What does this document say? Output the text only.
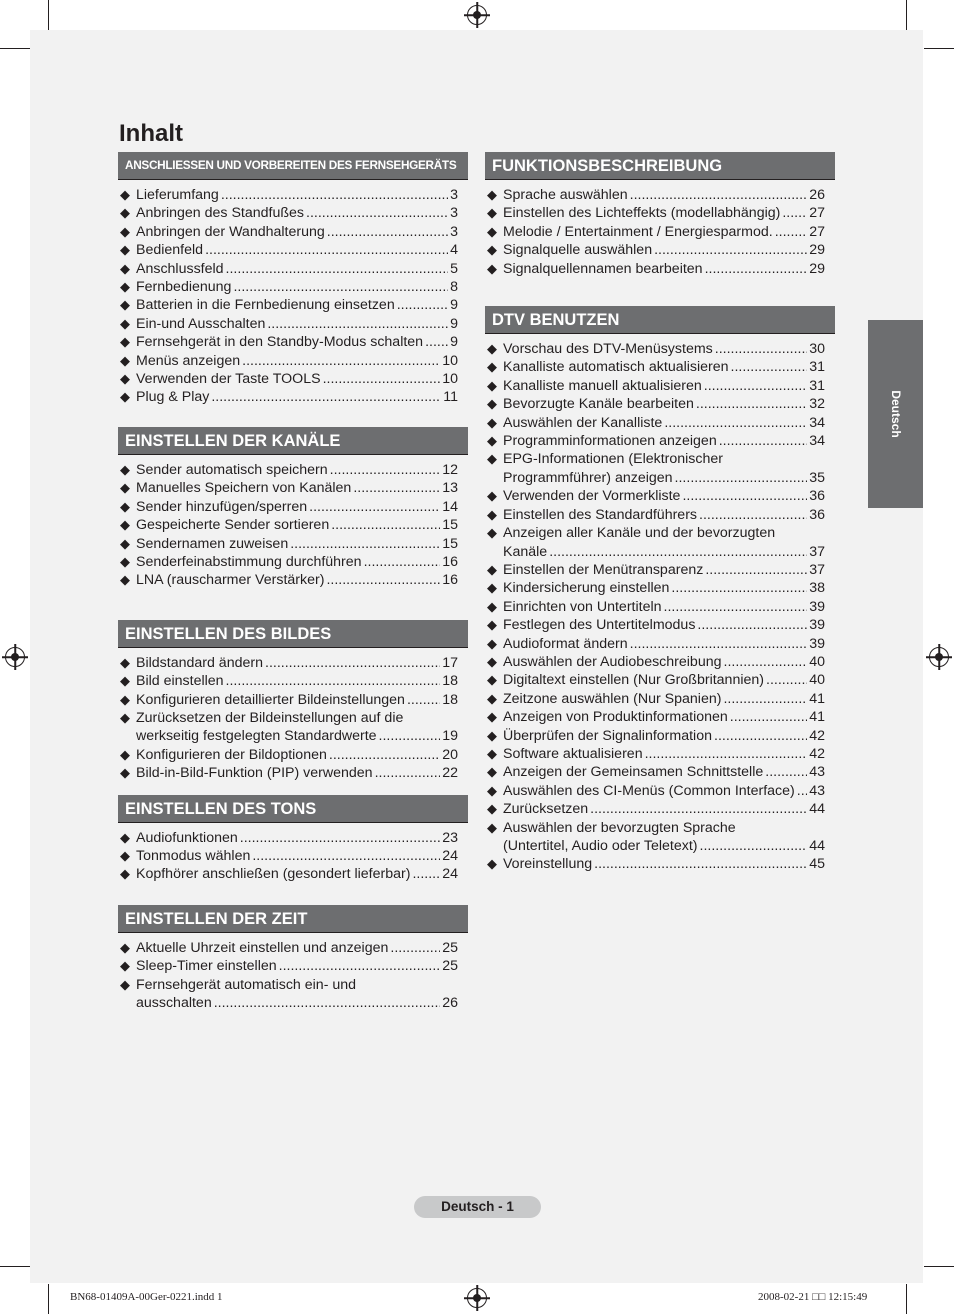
Inhalt
ANSCHLIESSEN UND VORBEREITEN DES FERNSEHGERÄTS
◆ Lieferumfang .....	3
◆ Anbringen des Standfußes .....	3
◆ Anbringen der Wandhalterung .....	3
◆ Bedienfeld .....	4
◆ Anschlussfeld .....	5
◆ Fernbedienung .....	8
◆ Batterien in die Fernbedienung einsetzen .....	9
◆ Ein-und Ausschalten .....	9
◆ Fernsehgerät in den Standby-Modus schalten ..... 9
◆ Menüs anzeigen .....	10
◆ Verwenden der Taste TOOLS .....	10
◆ Plug & Play .....	11
EINSTELLEN DER KANÄLE
◆ Sender automatisch speichern .....	12
◆ Manuelles Speichern von Kanälen .....	13
◆ Sender hinzufügen/sperren .....	14
◆ Gespeicherte Sender sortieren .....	15
◆ Sendernamen zuweisen .....	15
◆ Senderfeinabstimmung durchführen .....	16
◆ LNA (rauscharmer Verstärker) .....	16
EINSTELLEN DES BILDES
◆ Bildstandard ändern .....	17
◆ Bild einstellen .....	18
◆ Konfigurieren detaillierter Bildeinstellungen .....	18
◆ Zurücksetzen der Bildeinstellungen auf die
werkseitig festgelegten Standardwerte .....	19
◆ Konfigurieren der Bildoptionen .....	20
◆ Bild-in-Bild-Funktion (PIP) verwenden .....	22
EINSTELLEN DES TONS
◆ Audiofunktionen .....	23
◆ Tonmodus wählen .....	24
◆ Kopfhörer anschließen (gesondert lieferbar) ..... 24
EINSTELLEN DER ZEIT
◆ Aktuelle Uhrzeit einstellen und anzeigen .....	25
◆ Sleep-Timer einstellen .....	25
◆ Fernsehgerät automatisch ein- und
ausschalten .....	26
FUNKTIONSBESCHREIBUNG
◆ Sprache auswählen .....	26
◆ Einstellen des Lichteffekts (modellabhängig) ..... 27
◆ Melodie / Entertainment / Energiesparmod. .....	27
◆ Signalquelle auswählen .....	29
◆ Signalquellennamen bearbeiten .....	29
DTV BENUTZEN
◆ Vorschau des DTV-Menüsystems .....	30
◆ Kanalliste automatisch aktualisieren .....	31
◆ Kanalliste manuell aktualisieren .....	31
◆ Bevorzugte Kanäle bearbeiten .....	32
◆ Auswählen der Kanalliste .....	34
◆ Programminformationen anzeigen .....	34
◆ EPG-Informationen (Elektronischer
Programmführer) anzeigen .....	35
◆ Verwenden der Vormerkliste .....	36
◆ Einstellen des Standardführers .....	36
◆ Anzeigen aller Kanäle und der bevorzugten
Kanäle .....	37
◆ Einstellen der Menütransparenz .....	37
◆ Kindersicherung einstellen .....	38
◆ Einrichten von Untertiteln .....	39
◆ Festlegen des Untertitelmodus .....	39
◆ Audioformat ändern .....	39
◆ Auswählen der Audiobeschreibung .....	40
◆ Digitaltext einstellen (Nur Großbritannien) .....	40
◆ Zeitzone auswählen (Nur Spanien) .....	41
◆ Anzeigen von Produktinformationen .....	41
◆ Überprüfen der Signalinformation .....	42
◆ Software aktualisieren .....	42
◆ Anzeigen der Gemeinsamen Schnittstelle .....	43
◆ Auswählen des CI-Menüs (Common Interface) ..... 43
◆ Zurücksetzen .....	44
◆ Auswählen der bevorzugten Sprache
(Untertitel, Audio oder Teletext) .....	44
◆ Voreinstellung .....	45
Deutsch
Deutsch - 1
BN68-01409A-00Ger-0221.indd 1	2008-02-21 □□ 12:15:49
